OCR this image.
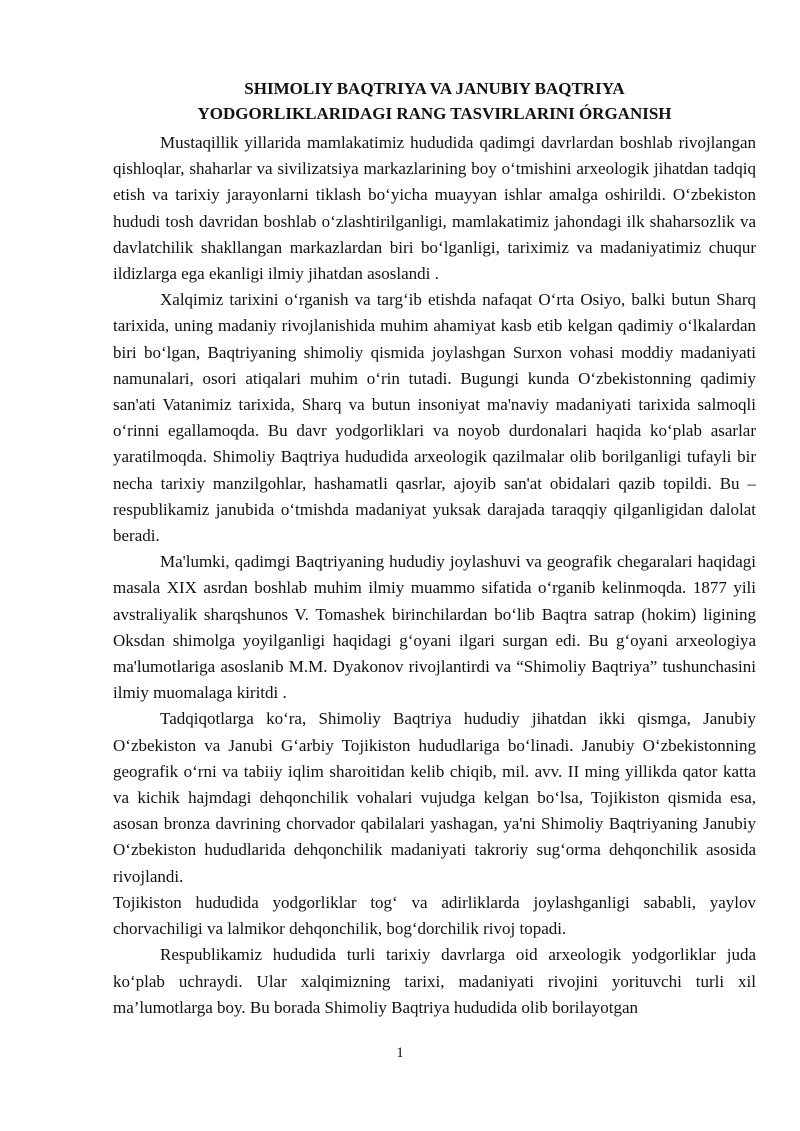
SHIMOLIY BAQTRIYA VA JANUBIY BAQTRIYA
YODGORLIKLARIDAGI RANG TASVIRLARINI ÓRGANISH

Mustaqillik yillarida mamlakatimiz hududida qadimgi davrlardan boshlab rivojlangan qishloqlar, shaharlar va sivilizatsiya markazlarining boy oʻtmishini arxeologik jihatdan tadqiq etish va tarixiy jarayonlarni tiklash boʻyicha muayyan ishlar amalga oshirildi. Oʻzbekiston hududi tosh davridan boshlab oʻzlashtirilganligi, mamlakatimiz jahondagi ilk shaharsozlik va davlatchilik shakllangan markazlardan biri boʻlganligi, tariximiz va madaniyatimiz chuqur ildizlarga ega ekanligi ilmiy jihatdan asoslandi .

Xalqimiz tarixini oʻrganish va targʻib etishda nafaqat Oʻrta Osiyo, balki butun Sharq tarixida, uning madaniy rivojlanishida muhim ahamiyat kasb etib kelgan qadimiy oʻlkalardan biri boʻlgan, Baqtriyaning shimoliy qismida joylashgan Surxon vohasi moddiy madaniyati namunalari, osori atiqalari muhim oʻrin tutadi. Bugungi kunda Oʻzbekistonning qadimiy san'ati Vatanimiz tarixida, Sharq va butun insoniyat ma'naviy madaniyati tarixida salmoqli oʻrinni egallamoqda. Bu davr yodgorliklari va noyob durdonalari haqida koʻplab asarlar yaratilmoqda. Shimoliy Baqtriya hududida arxeologik qazilmalar olib borilganligi tufayli bir necha tarixiy manzilgohlar, hashamatli qasrlar, ajoyib san'at obidalari qazib topildi. Bu – respublikamiz janubida oʻtmishda madaniyat yuksak darajada taraqqiy qilganligidan dalolat beradi.

Ma'lumki, qadimgi Baqtriyaning hududiy joylashuvi va geografik chegaralari haqidagi masala XIX asrdan boshlab muhim ilmiy muammo sifatida oʻrganib kelinmoqda. 1877 yili avstraliyalik sharqshunos V. Tomashek birinchilardan boʻlib Baqtra satrap (hokim) ligining Oksdan shimolga yoyilganligi haqidagi gʻoyani ilgari surgan edi. Bu gʻoyani arxeologiya ma'lumotlariga asoslanib M.M. Dyakonov rivojlantirdi va “Shimoliy Baqtriya” tushunchasini ilmiy muomalaga kiritdi .

Tadqiqotlarga koʻra, Shimoliy Baqtriya hududiy jihatdan ikki qismga, Janubiy Oʻzbekiston va Janubi Gʻarbiy Tojikiston hududlariga boʻlinadi. Janubiy Oʻzbekistonning geografik oʻrni va tabiiy iqlim sharoitidan kelib chiqib, mil. avv. II ming yillikda qator katta va kichik hajmdagi dehqonchilik vohalari vujudga kelgan boʻlsa, Tojikiston qismida esa, asosan bronza davrining chorvador qabilalari yashagan, ya'ni Shimoliy Baqtriyaning Janubiy Oʻzbekiston hududlarida dehqonchilik madaniyati takroriy sugʻorma dehqonchilik asosida rivojlandi.

Tojikiston hududida yodgorliklar togʻ va adirliklarda joylashganligi sababli, yaylov chorvachiligi va lalmikor dehqonchilik, bogʻdorchilik rivoj topadi.

Respublikamiz hududida turli tarixiy davrlarga oid arxeologik yodgorliklar juda koʻplab uchraydi. Ular xalqimizning tarixi, madaniyati rivojini yorituvchi turli xil ma’lumotlarga boy. Bu borada Shimoliy Baqtriya hududida olib borilayotgan

1
